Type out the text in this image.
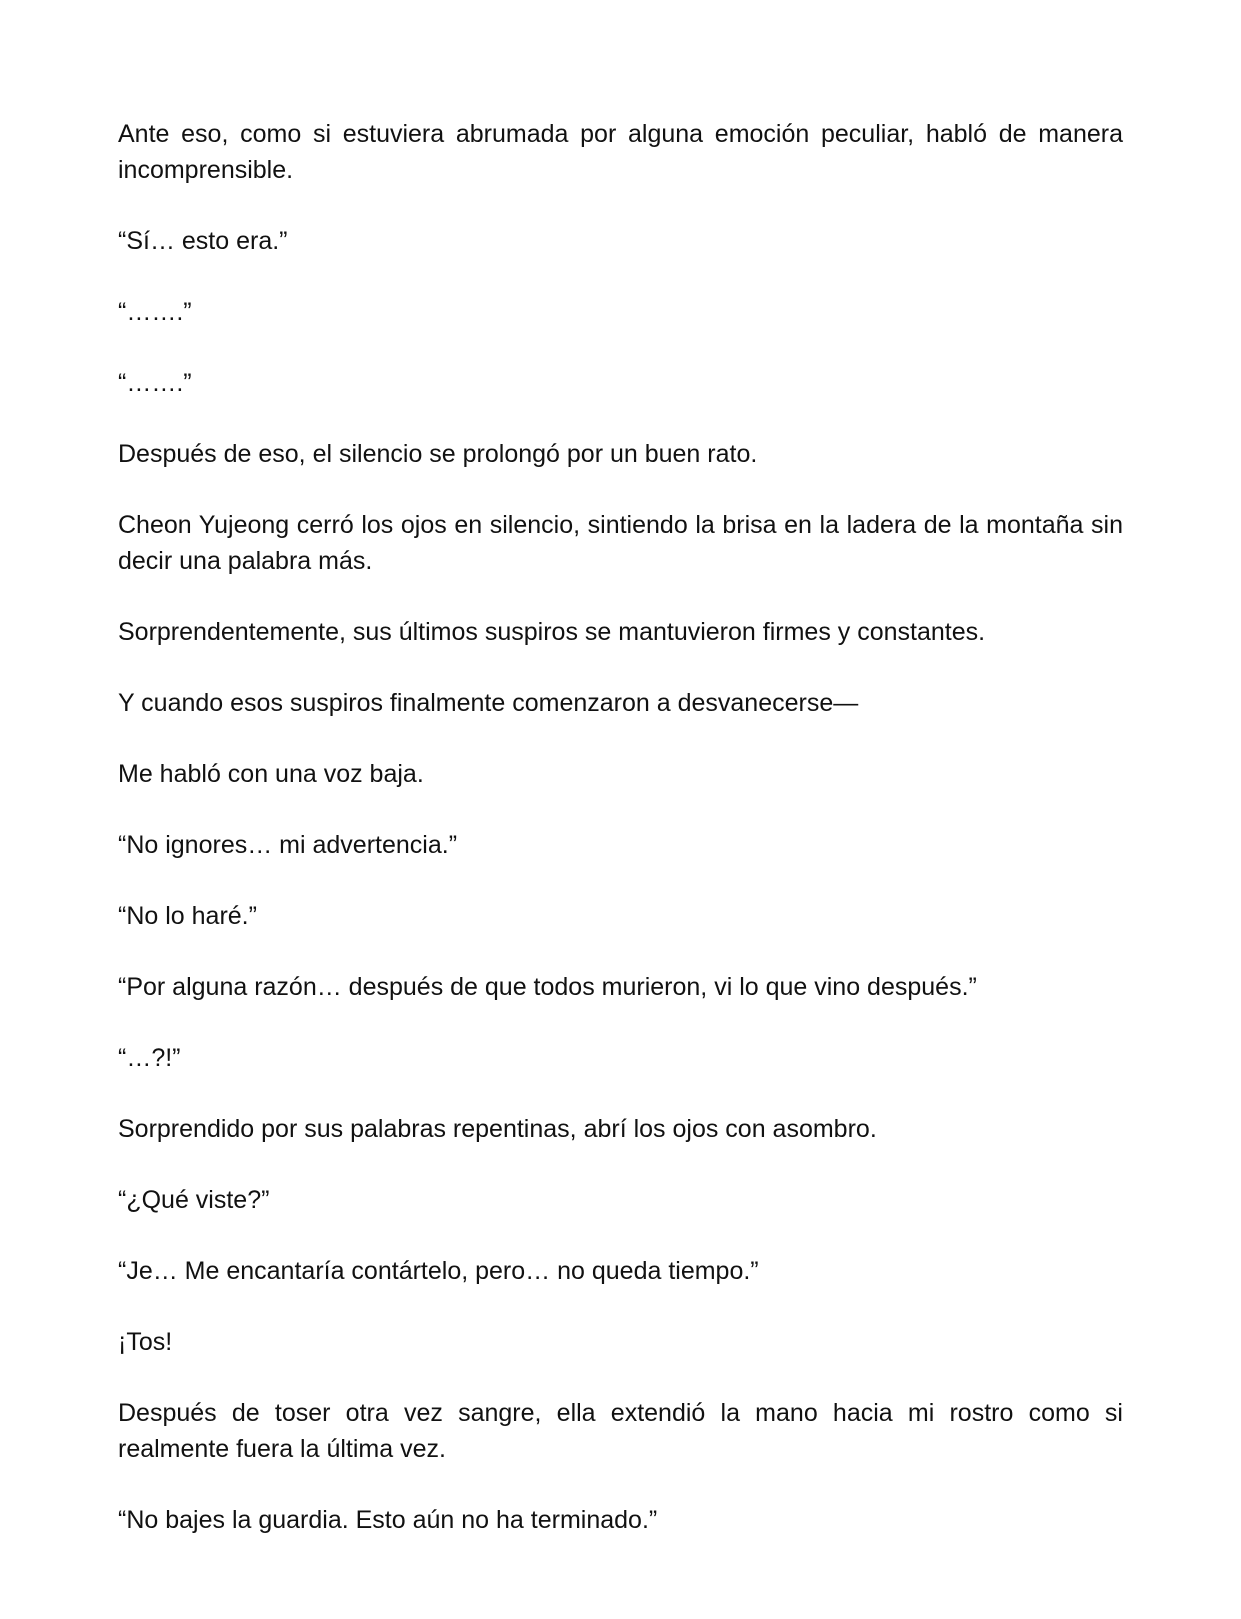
Ante eso, como si estuviera abrumada por alguna emoción peculiar, habló de manera incomprensible.

“Sí… esto era.”

“…….”

“…….”

Después de eso, el silencio se prolongó por un buen rato.

Cheon Yujeong cerró los ojos en silencio, sintiendo la brisa en la ladera de la montaña sin decir una palabra más.

Sorprendentemente, sus últimos suspiros se mantuvieron firmes y constantes.

Y cuando esos suspiros finalmente comenzaron a desvanecerse—

Me habló con una voz baja.

“No ignores… mi advertencia.”

“No lo haré.”

“Por alguna razón… después de que todos murieron, vi lo que vino después.”

“…?!”

Sorprendido por sus palabras repentinas, abrí los ojos con asombro.

“¿Qué viste?”

“Je… Me encantaría contártelo, pero… no queda tiempo.”

¡Tos!

Después de toser otra vez sangre, ella extendió la mano hacia mi rostro como si realmente fuera la última vez.

“No bajes la guardia. Esto aún no ha terminado.”
